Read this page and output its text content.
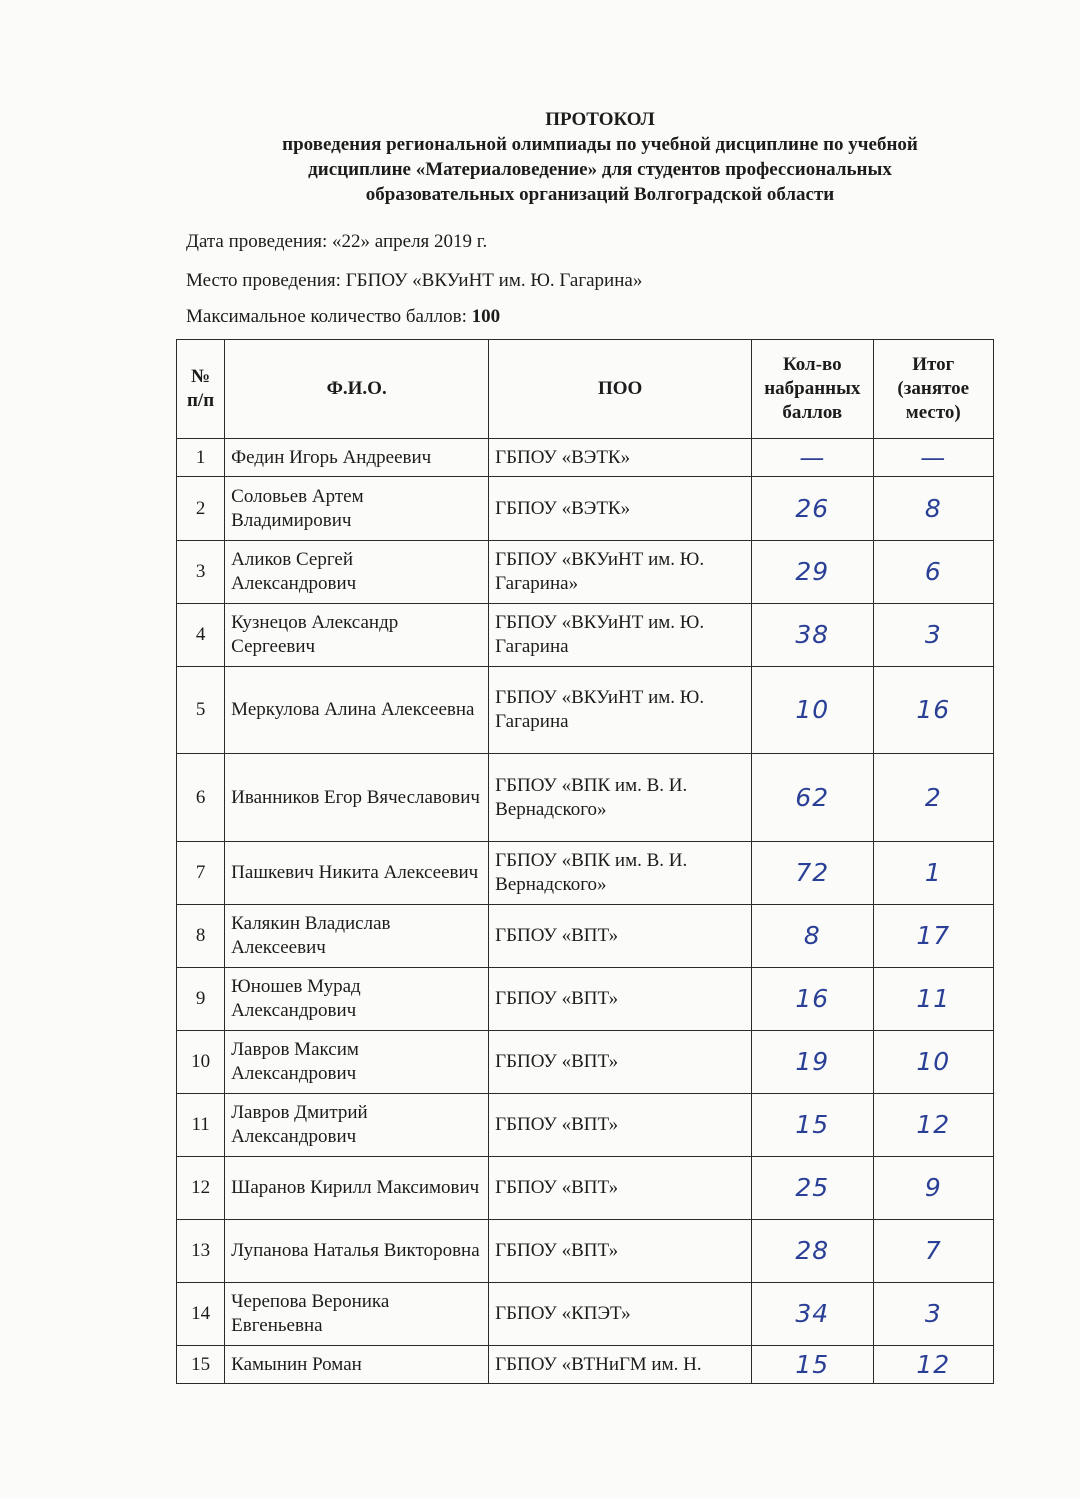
ПРОТОКОЛ
проведения региональной олимпиады по учебной дисциплине по учебной
дисциплине «Материаловедение» для студентов профессиональных
образовательных организаций Волгоградской области
Дата проведения: «22» апреля 2019 г.
Место проведения: ГБПОУ «ВКУиНТ им. Ю. Гагарина»
Максимальное количество баллов: 100
№ п/п	Ф.И.О.	ПОО	Кол-во набранных баллов	Итог (занятое место)
1	Федин Игорь Андреевич	ГБПОУ «ВЭТК»	—	—
2	Соловьев Артем Владимирович	ГБПОУ «ВЭТК»	26	8
3	Аликов Сергей Александрович	ГБПОУ «ВКУиНТ им. Ю. Гагарина»	29	6
4	Кузнецов Александр Сергеевич	ГБПОУ «ВКУиНТ им. Ю. Гагарина	38	3
5	Меркулова Алина Алексеевна	ГБПОУ «ВКУиНТ им. Ю. Гагарина	10	16
6	Иванников Егор Вячеславович	ГБПОУ «ВПК им. В. И. Вернадского»	62	2
7	Пашкевич Никита Алексеевич	ГБПОУ «ВПК им. В. И. Вернадского»	72	1
8	Калякин Владислав Алексеевич	ГБПОУ «ВПТ»	8	17
9	Юношев Мурад Александрович	ГБПОУ «ВПТ»	16	11
10	Лавров Максим Александрович	ГБПОУ «ВПТ»	19	10
11	Лавров Дмитрий Александрович	ГБПОУ «ВПТ»	15	12
12	Шаранов Кирилл Максимович	ГБПОУ «ВПТ»	25	9
13	Лупанова Наталья Викторовна	ГБПОУ «ВПТ»	28	7
14	Черепова Вероника Евгеньевна	ГБПОУ «КПЭТ»	34	3
15	Камынин Роман	ГБПОУ «ВТНиГМ им. Н.	15	12
